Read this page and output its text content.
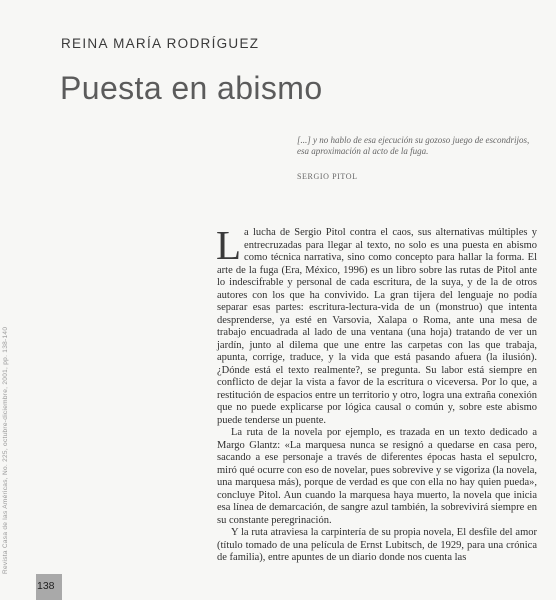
REINA MARÍA RODRÍGUEZ
Puesta en abismo
[...] y no hablo de esa ejecución su gozoso juego de escondrijos, esa aproximación al acto de la fuga.
SERGIO PITOL
Revista Casa de las Américas, No. 225, octubre-diciembre, 2001, pp. 138-140

La lucha de Sergio Pitol contra el caos, sus alternativas múltiples y entrecruzadas para llegar al texto, no solo es una puesta en abismo como técnica narrativa, sino como concepto para hallar la forma. El arte de la fuga (Era, México, 1996) es un libro sobre las rutas de Pitol ante lo indescifrable y personal de cada escritura, de la suya, y de la de otros autores con los que ha convivido. La gran tijera del lenguaje no podía separar esas partes: escritura-lectura-vida de un (monstruo) que intenta desprenderse, ya esté en Varsovia, Xalapa o Roma, ante una mesa de trabajo encuadrada al lado de una ventana (una hoja) tratando de ver un jardín, junto al dilema que une entre las carpetas con las que trabaja, apunta, corrige, traduce, y la vida que está pasando afuera (la ilusión). ¿Dónde está el texto realmente?, se pregunta. Su labor está siempre en conflicto de dejar la vista a favor de la escritura o viceversa. Por lo que, a restitución de espacios entre un territorio y otro, logra una extraña conexión que no puede explicarse por lógica causal o común y, sobre este abismo puede tenderse un puente.

La ruta de la novela por ejemplo, es trazada en un texto dedicado a Margo Glantz: «La marquesa nunca se resignó a quedarse en casa pero, sacando a ese personaje a través de diferentes épocas hasta el sepulcro, miró qué ocurre con eso de novelar, pues sobrevive y se vigoriza (la novela, una marquesa más), porque de verdad es que con ella no hay quien pueda», concluye Pitol. Aun cuando la marquesa haya muerto, la novela que inicia esa línea de demarcación, de sangre azul también, la sobrevivirá siempre en su constante peregrinación.

Y la ruta atraviesa la carpintería de su propia novela, El desfile del amor (título tomado de una película de Ernst Lubitsch, de 1929, para una crónica de familia), entre apuntes de un diario donde nos cuenta las

138
